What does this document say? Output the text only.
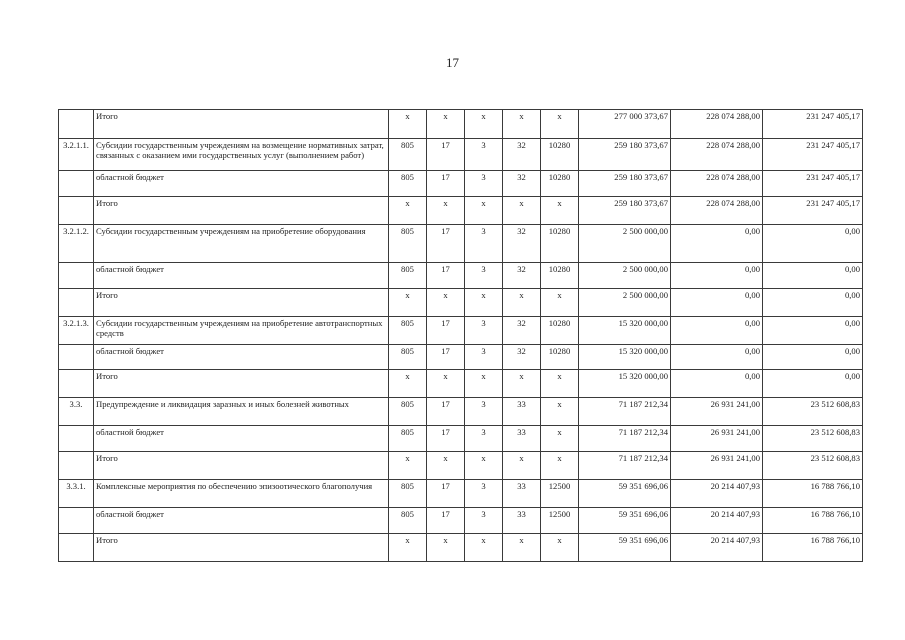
17
	Итого	x	x	x	x	x	277 000 373,67	228 074 288,00	231 247 405,17
3.2.1.1.	Субсидии государственным учреждениям на возмещение нормативных затрат, связанных с оказанием ими государственных услуг (выполнением работ)	805	17	3	32	10280	259 180 373,67	228 074 288,00	231 247 405,17
	областной бюджет	805	17	3	32	10280	259 180 373,67	228 074 288,00	231 247 405,17
	Итого	x	x	x	x	x	259 180 373,67	228 074 288,00	231 247 405,17
3.2.1.2.	Субсидии государственным учреждениям на приобретение оборудования	805	17	3	32	10280	2 500 000,00	0,00	0,00
	областной бюджет	805	17	3	32	10280	2 500 000,00	0,00	0,00
	Итого	x	x	x	x	x	2 500 000,00	0,00	0,00
3.2.1.3.	Субсидии государственным учреждениям на приобретение автотранспортных средств	805	17	3	32	10280	15 320 000,00	0,00	0,00
	областной бюджет	805	17	3	32	10280	15 320 000,00	0,00	0,00
	Итого	x	x	x	x	x	15 320 000,00	0,00	0,00
3.3.	Предупреждение и ликвидация заразных и иных болезней животных	805	17	3	33	x	71 187 212,34	26 931 241,00	23 512 608,83
	областной бюджет	805	17	3	33	x	71 187 212,34	26 931 241,00	23 512 608,83
	Итого	x	x	x	x	x	71 187 212,34	26 931 241,00	23 512 608,83
3.3.1.	Комплексные мероприятия по обеспечению эпизоотического благополучия	805	17	3	33	12500	59 351 696,06	20 214 407,93	16 788 766,10
	областной бюджет	805	17	3	33	12500	59 351 696,06	20 214 407,93	16 788 766,10
	Итого	x	x	x	x	x	59 351 696,06	20 214 407,93	16 788 766,10
